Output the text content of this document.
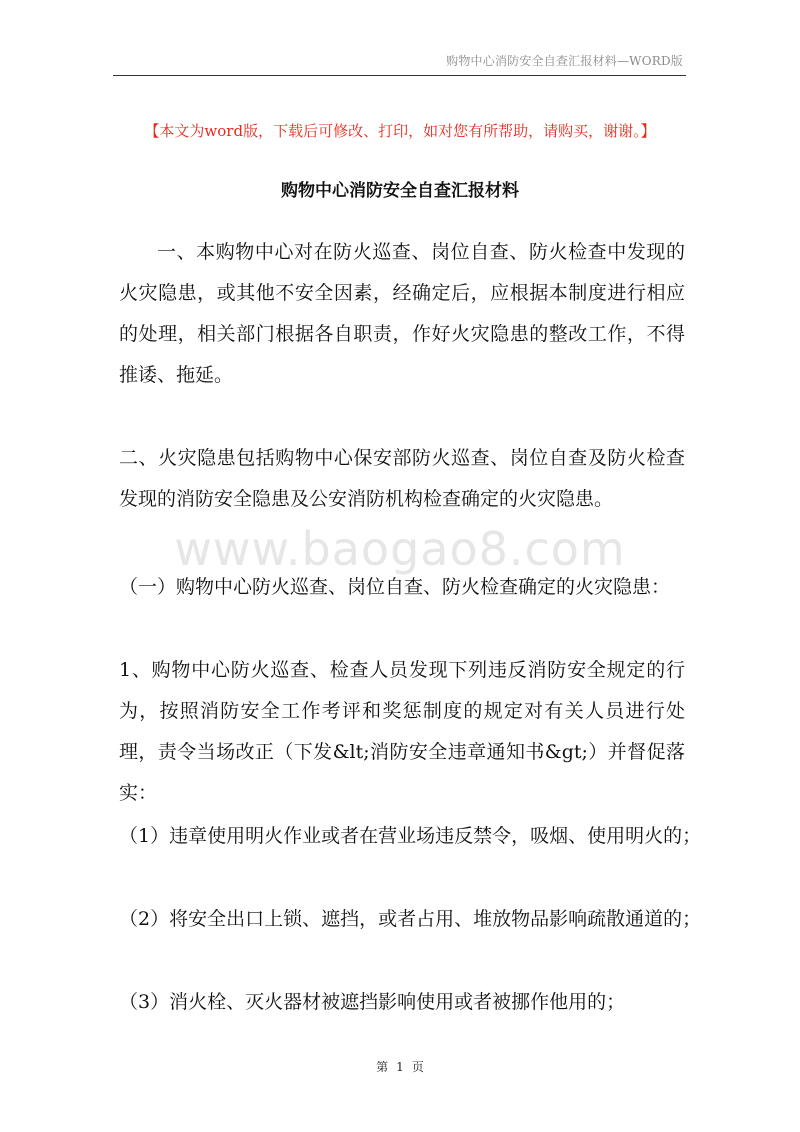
购物中心消防安全自查汇报材料—WORD版
【本文为word版，下载后可修改、打印，如对您有所帮助，请购买，谢谢。】
购物中心消防安全自查汇报材料
一、本购物中心对在防火巡查、岗位自查、防火检查中发现的火灾隐患，或其他不安全因素，经确定后，应根据本制度进行相应的处理，相关部门根据各自职责，作好火灾隐患的整改工作，不得推诿、拖延。
二、火灾隐患包括购物中心保安部防火巡查、岗位自查及防火检查发现的消防安全隐患及公安消防机构检查确定的火灾隐患。
www.baogao8.com
（一）购物中心防火巡查、岗位自查、防火检查确定的火灾隐患：
1、购物中心防火巡查、检查人员发现下列违反消防安全规定的行为，按照消防安全工作考评和奖惩制度的规定对有关人员进行处理，责令当场改正（下发&lt;消防安全违章通知书&gt;）并督促落实：
（1）违章使用明火作业或者在营业场违反禁令，吸烟、使用明火的；
（2）将安全出口上锁、遮挡，或者占用、堆放物品影响疏散通道的；
（3）消火栓、灭火器材被遮挡影响使用或者被挪作他用的；
第 1 页
